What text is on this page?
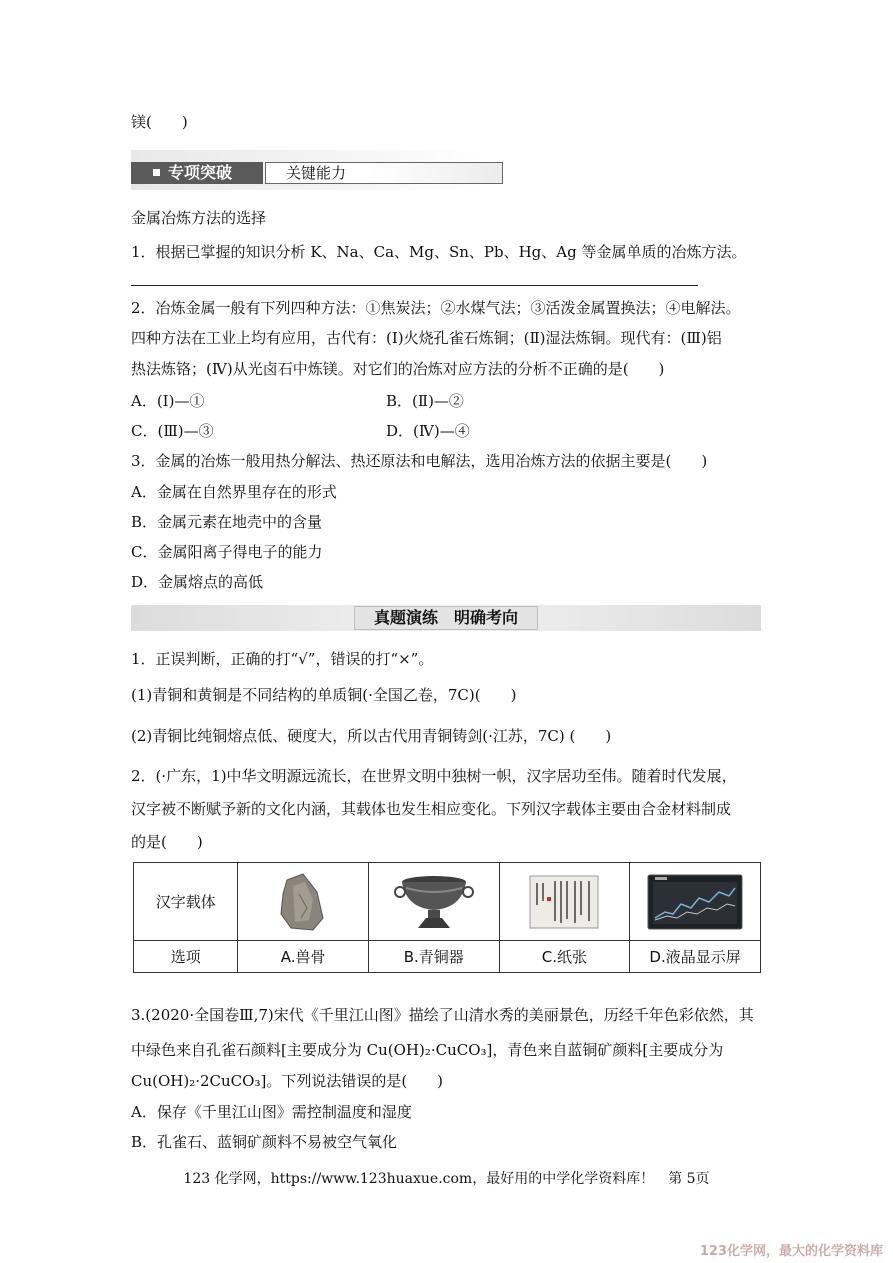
镁(　　)
专项突破	关键能力
金属冶炼方法的选择
1．根据已掌握的知识分析 K、Na、Ca、Mg、Sn、Pb、Hg、Ag 等金属单质的冶炼方法。
2．冶炼金属一般有下列四种方法：①焦炭法；②水煤气法；③活泼金属置换法；④电解法。
四种方法在工业上均有应用，古代有：(Ⅰ)火烧孔雀石炼铜；(Ⅱ)湿法炼铜。现代有：(Ⅲ)铝
热法炼铬；(Ⅳ)从光卤石中炼镁。对它们的冶炼对应方法的分析不正确的是(　　)
A．(Ⅰ)—①	B．(Ⅱ)—②
C．(Ⅲ)—③	D．(Ⅳ)—④
3．金属的冶炼一般用热分解法、热还原法和电解法，选用冶炼方法的依据主要是(　　)
A．金属在自然界里存在的形式
B．金属元素在地壳中的含量
C．金属阳离子得电子的能力
D．金属熔点的高低
真题演练　明确考向
1．正误判断，正确的打“√”，错误的打“×”。
(1)青铜和黄铜是不同结构的单质铜(·全国乙卷，7C)(　　)
(2)青铜比纯铜熔点低、硬度大，所以古代用青铜铸剑(·江苏，7C) (　　)
2．(·广东，1)中华文明源远流长，在世界文明中独树一帜，汉字居功至伟。随着时代发展，
汉字被不断赋予新的文化内涵，其载体也发生相应变化。下列汉字载体主要由合金材料制成
的是(　　)
汉字载体	

选项	A.兽骨	B.青铜器	C.纸张	D.液晶显示屏
3.(2020·全国卷Ⅲ,7)宋代《千里江山图》描绘了山清水秀的美丽景色，历经千年色彩依然，其
中绿色来自孔雀石颜料[主要成分为 Cu(OH)₂·CuCO₃]，青色来自蓝铜矿颜料[主要成分为
Cu(OH)₂·2CuCO₃]。下列说法错误的是(　　)
A．保存《千里江山图》需控制温度和湿度
B．孔雀石、蓝铜矿颜料不易被空气氧化
123 化学网，https://www.123huaxue.com，最好用的中学化学资料库！　第 5页
123化学网，最大的化学资料库
